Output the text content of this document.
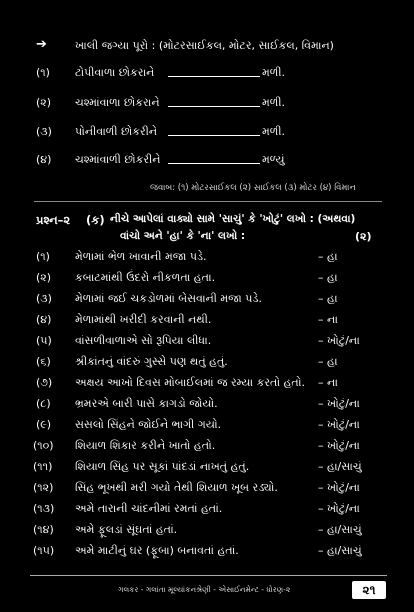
➔	ખાલી જગ્યા પૂરો : (મોટરસાઈકલ, મોટર, સાઈકલ, વિમાન)
(૧) ટોપીવાળા છોકરાને	મળી.
(૨) ચશ્માંવાળા છોકરાને	મળી.
(૩) પોનીવાળી છોકરીને	મળી.
(૪) ચશ્માંવાળી છોકરીને	મળ્યું
જવાબ: (૧) મોટરસાઈકલ (૨) સાઈકલ (૩) મોટર (૪) વિમાન
પ્રશ્ન–૨ (ક) નીચે આપેલાં વાક્યો સામે 'સાચું' કે 'ખોટું' લખો : (અથવા)
વાંચો અને 'હા' કે 'ના' લખો :	(૨)
(૧) મેળામાં ભેળ ખાવાની મજા પડે.	– હા
(૨) કબાટમાંથી ઉંદરો નીકળતા હતા.	– હા
(૩) મેળામાં જઈ ચકડોળમાં બેસવાની મજા પડે.	– હા
(૪) મેળામાંથી ખરીદી કરવાની નથી.	– ના
(૫) વાંસળીવાળાએ સો રૂપિયા લીધા.	– ખોટું/ના
(૬) શ્રીકાંતનું વાંદરું ગુસ્સે પણ થતું હતું.	– હા
(૭) અક્ષય આખો દિવસ મોબાઈલમાં જ રમ્યા કરતો હતો. – ના
(૮) ભ્રમરએ બારી પાસે કાગડો જોયો.	– ખોટું/ના
(૯) સસલો સિંહને જોઈને ભાગી ગયો.	– ખોટું/ના
(૧૦) શિયાળ શિકાર કરીને ખાતો હતો.	– ખોટું/ના
(૧૧) શિયાળ સિંહ પર સૂકાં પાંદડાં નાખતું હતું.	– હા/સાચું
(૧૨) સિંહ ભૂખથી મરી ગયો તેથી શિયાળ ખૂબ રડ્યો.	– ખોટું/ના
(૧૩) અમે તારાની ચાંદનીમાં રમતાં હતાં.	– ખોટું/ના
(૧૪) અમે ફૂલડાં સૂંઘતાં હતાં.	– હા/સાચું
(૧૫) અમે માટીનું ઘર (ફૂબા) બનાવતાં હતાં.	– હા/સાચું
ગલકર - ગલાંતા મૂલ્યાંકનશ્રેણી - એસાઈનમેન્ટ - ધોરણ-૨	૨૧
